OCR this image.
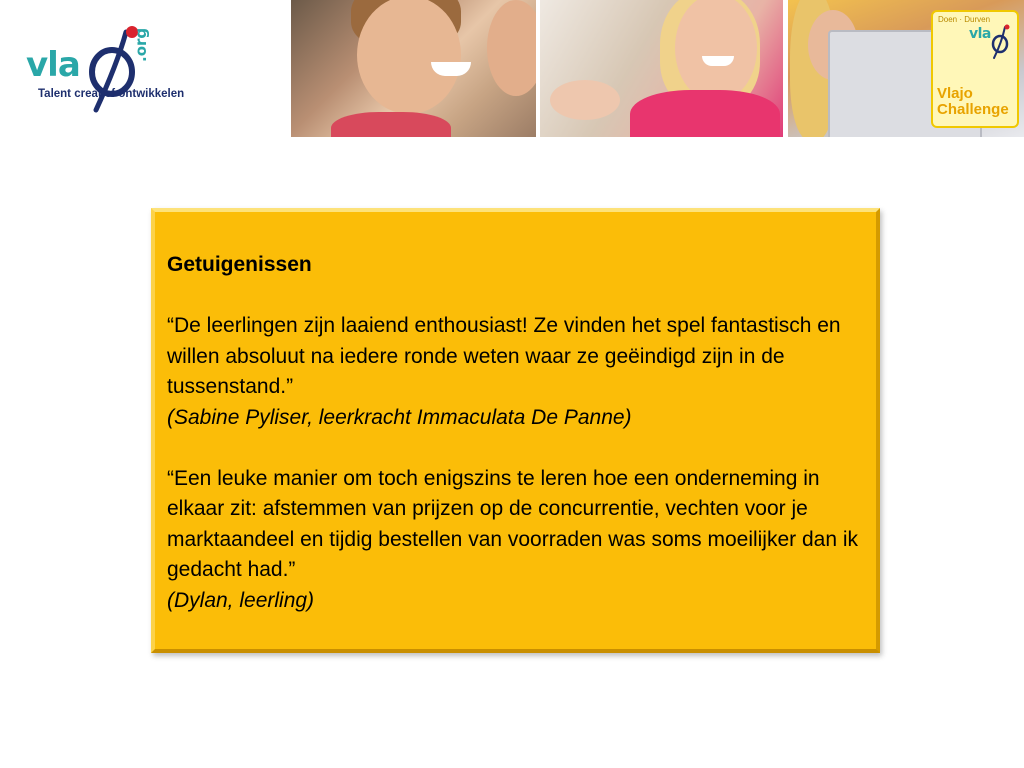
vla
.org
Talent creatief ontwikkelen
Doen · Durven
vla
Vlajo
Challenge
Getuigenissen

“De leerlingen zijn laaiend enthousiast! Ze vinden het spel fantastisch en willen absoluut na iedere ronde weten waar ze geëindigd zijn in de tussenstand.”

(Sabine Pyliser, leerkracht Immaculata De Panne)

“Een leuke manier om toch enigszins te leren hoe een onderneming in elkaar zit: afstemmen van prijzen op de concurrentie, vechten voor je marktaandeel en tijdig bestellen van voorraden was soms moeilijker dan ik gedacht had.”

(Dylan, leerling)
